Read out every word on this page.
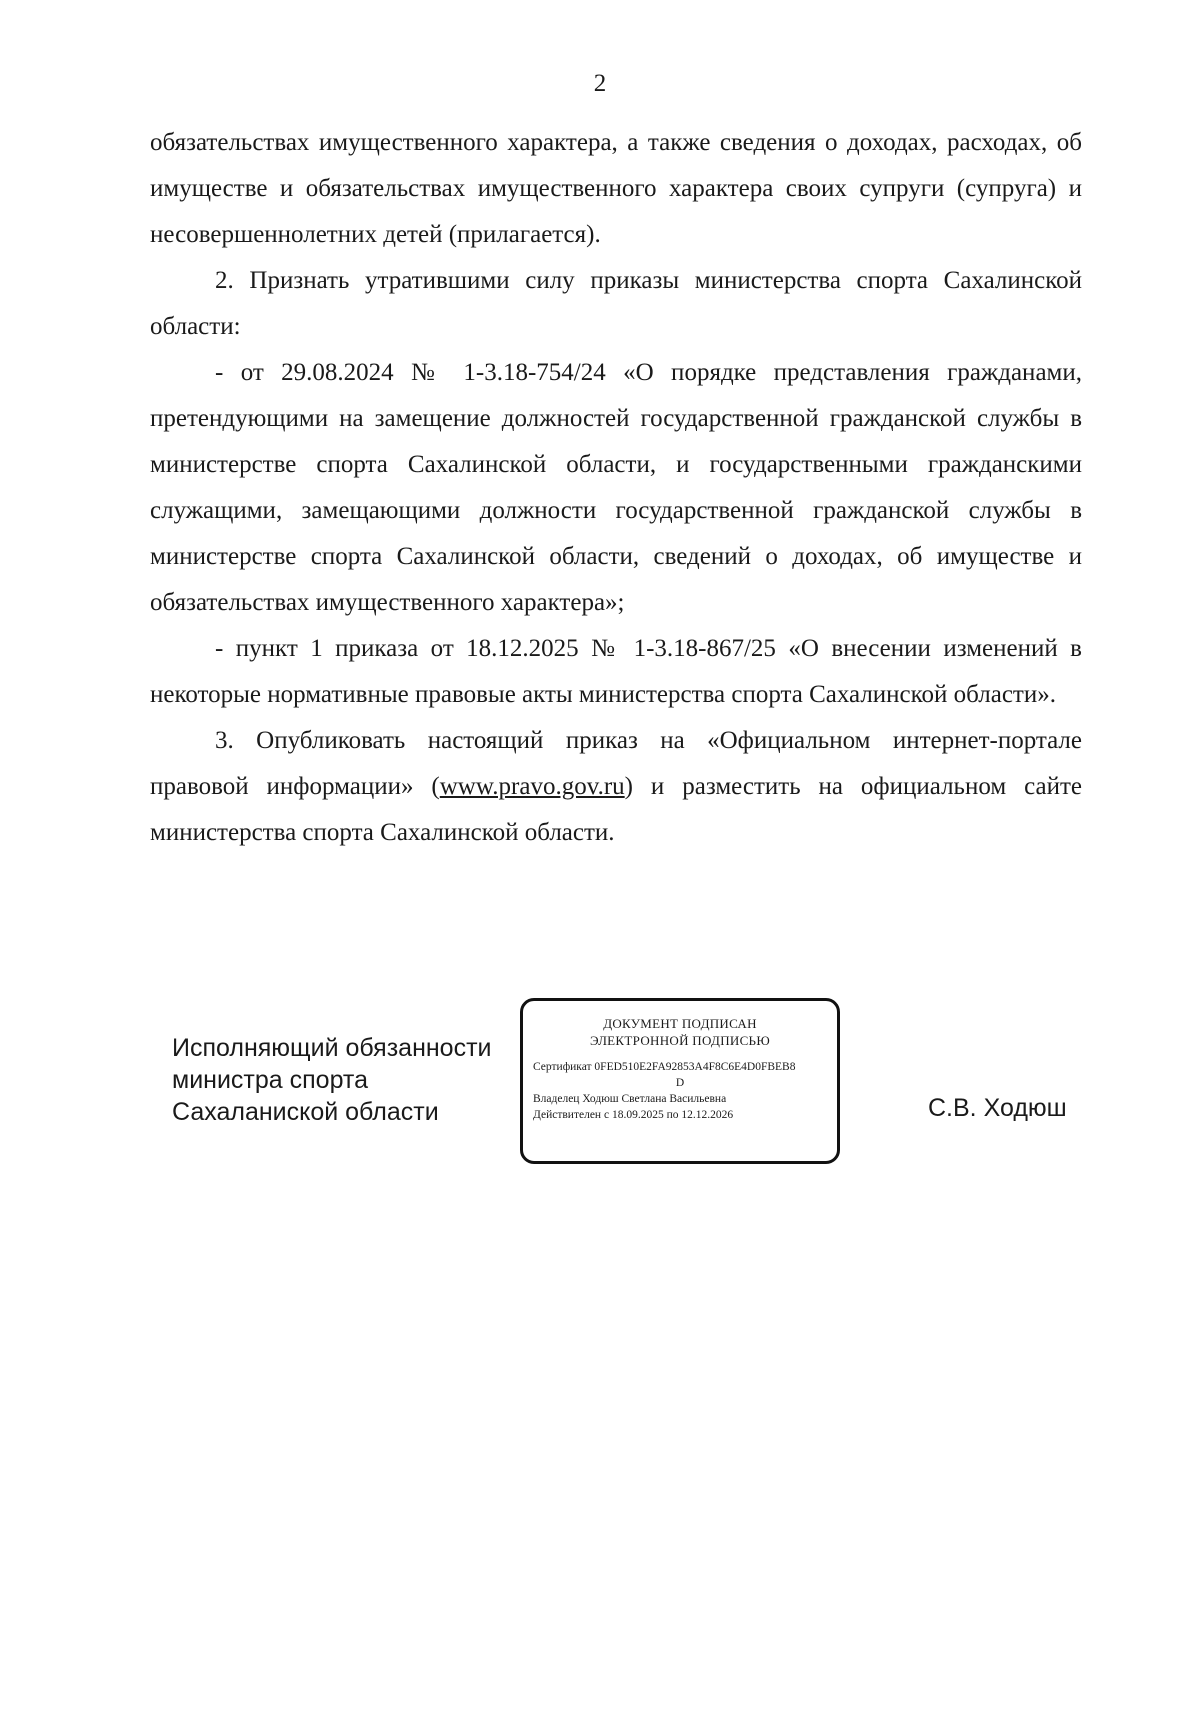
2

обязательствах имущественного характера, а также сведения о доходах, расходах, об имуществе и обязательствах имущественного характера своих супруги (супруга) и несовершеннолетних детей (прилагается).

2. Признать утратившими силу приказы министерства спорта Сахалинской области:

- от 29.08.2024 № 1-3.18-754/24 «О порядке представления гражданами, претендующими на замещение должностей государственной гражданской службы в министерстве спорта Сахалинской области, и государственными гражданскими служащими, замещающими должности государственной гражданской службы в министерстве спорта Сахалинской области, сведений о доходах, об имуществе и обязательствах имущественного характера»;

- пункт 1 приказа от 18.12.2025 № 1-3.18-867/25 «О внесении изменений в некоторые нормативные правовые акты министерства спорта Сахалинской области».

3. Опубликовать настоящий приказ на «Официальном интернет-портале правовой информации» (www.pravo.gov.ru) и разместить на официальном сайте министерства спорта Сахалинской области.

Исполняющий обязанности
министра спорта
Сахаланиской области
ДОКУМЕНТ ПОДПИСАН
ЭЛЕКТРОННОЙ ПОДПИСЬЮ
Сертификат 0FED510E2FA92853A4F8C6E4D0FBEB8
D
Владелец Ходюш Светлана Васильевна
Действителен с 18.09.2025 по 12.12.2026	С.В. Ходюш
